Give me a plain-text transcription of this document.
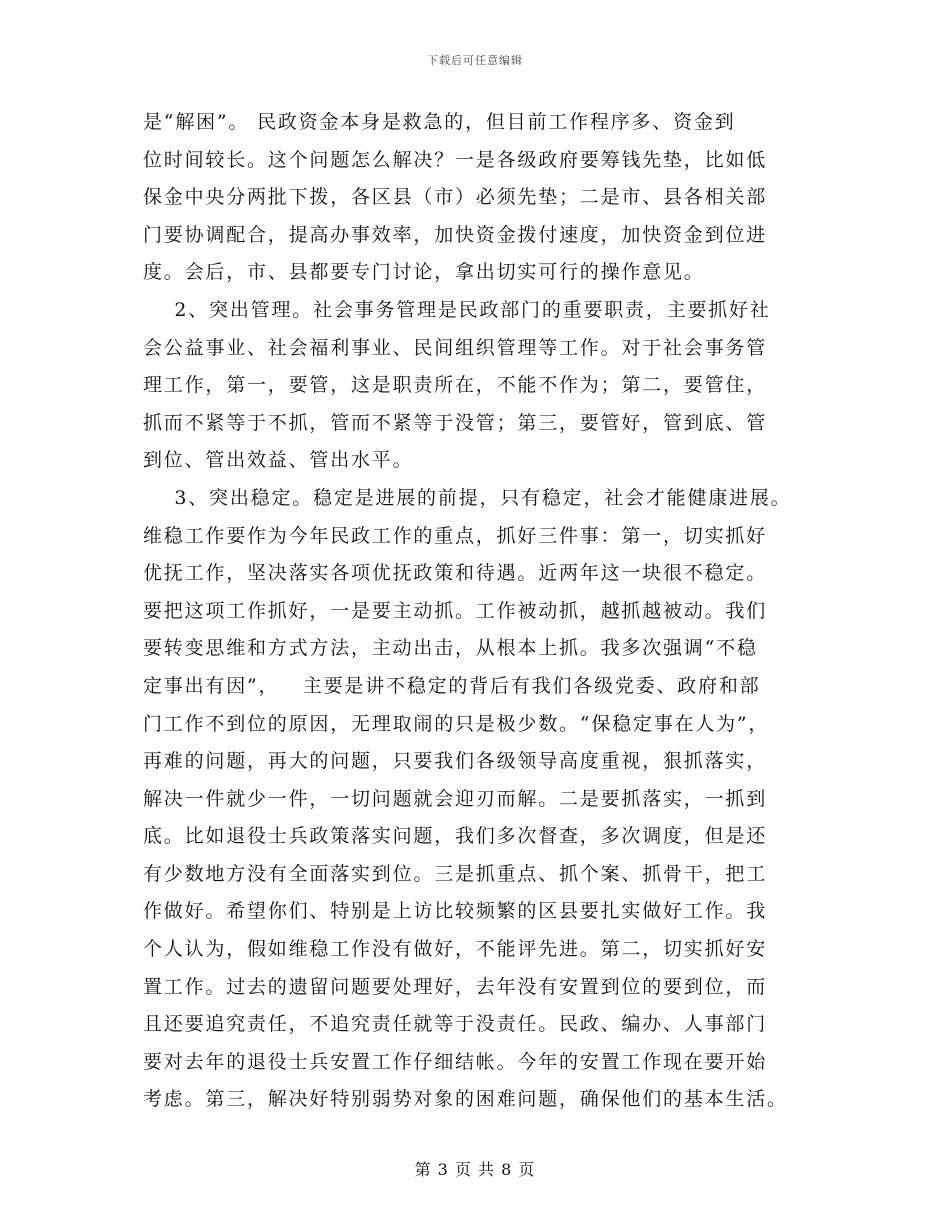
下载后可任意编辑
是“解困”。 民政资金本身是救急的，但目前工作程序多、资金到
位时间较长。这个问题怎么解决？一是各级政府要筹钱先垫，比如低
保金中央分两批下拨，各区县（市）必须先垫；二是市、县各相关部
门要协调配合，提高办事效率，加快资金拨付速度，加快资金到位进
度。会后，市、县都要专门讨论，拿出切实可行的操作意见。
2、突出管理。社会事务管理是民政部门的重要职责，主要抓好社
会公益事业、社会福利事业、民间组织管理等工作。对于社会事务管
理工作，第一，要管，这是职责所在，不能不作为；第二，要管住，
抓而不紧等于不抓，管而不紧等于没管；第三，要管好，管到底、管
到位、管出效益、管出水平。
3、突出稳定。稳定是进展的前提，只有稳定，社会才能健康进展。
维稳工作要作为今年民政工作的重点，抓好三件事：第一，切实抓好
优抚工作，坚决落实各项优抚政策和待遇。近两年这一块很不稳定。
要把这项工作抓好，一是要主动抓。工作被动抓，越抓越被动。我们
要转变思维和方式方法，主动出击，从根本上抓。我多次强调“不稳
定事出有因”，   主要是讲不稳定的背后有我们各级党委、政府和部
门工作不到位的原因，无理取闹的只是极少数。“保稳定事在人为”，
再难的问题，再大的问题，只要我们各级领导高度重视，狠抓落实，
解决一件就少一件，一切问题就会迎刃而解。二是要抓落实，一抓到
底。比如退役士兵政策落实问题，我们多次督查，多次调度，但是还
有少数地方没有全面落实到位。三是抓重点、抓个案、抓骨干，把工
作做好。希望你们、特别是上访比较频繁的区县要扎实做好工作。我
个人认为，假如维稳工作没有做好，不能评先进。第二，切实抓好安
置工作。过去的遗留问题要处理好，去年没有安置到位的要到位，而
且还要追究责任，不追究责任就等于没责任。民政、编办、人事部门
要对去年的退役士兵安置工作仔细结帐。今年的安置工作现在要开始
考虑。第三，解决好特别弱势对象的困难问题，确保他们的基本生活。
第 3 页 共 8 页
